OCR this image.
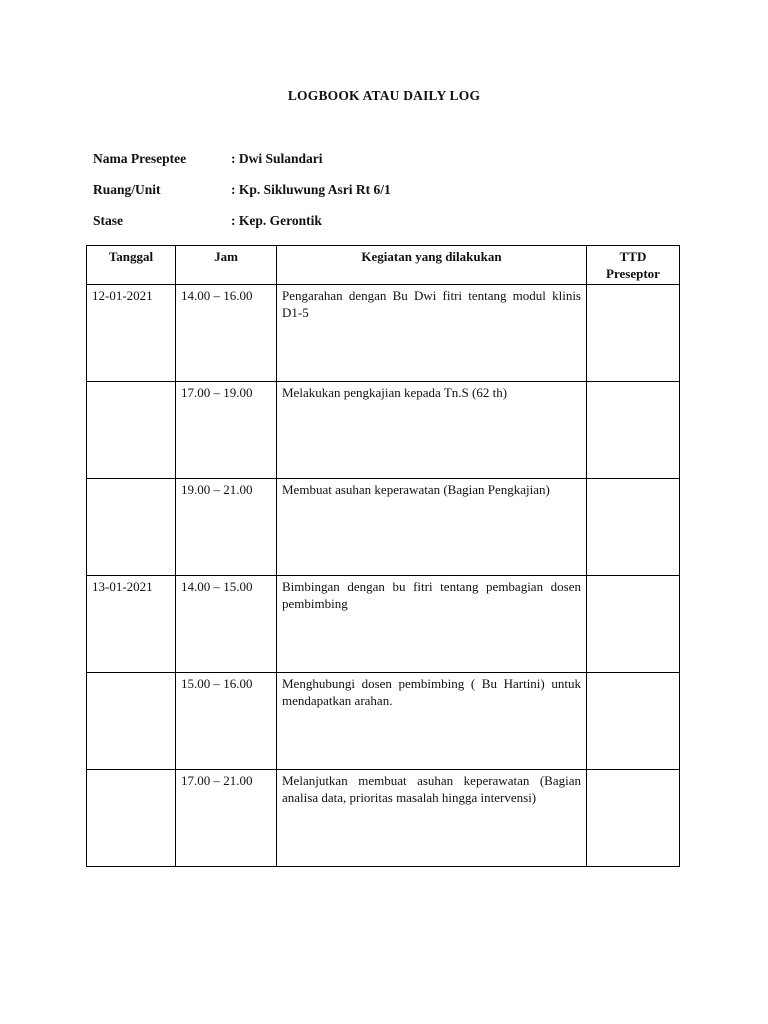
LOGBOOK ATAU DAILY LOG
Nama Preseptee	: Dwi Sulandari
Ruang/Unit	: Kp. Sikluwung Asri Rt 6/1
Stase	: Kep. Gerontik
Tanggal	Jam	Kegiatan yang dilakukan	TTD Preseptor
12-01-2021	14.00 – 16.00	Pengarahan dengan Bu Dwi fitri tentang modul klinis D1-5	
	17.00 – 19.00	Melakukan pengkajian kepada Tn.S (62 th)	
	19.00 – 21.00	Membuat asuhan keperawatan (Bagian Pengkajian)	
13-01-2021	14.00 – 15.00	Bimbingan dengan bu fitri tentang pembagian dosen pembimbing	
	15.00 – 16.00	Menghubungi dosen pembimbing ( Bu Hartini) untuk mendapatkan arahan.	
	17.00 – 21.00	Melanjutkan membuat asuhan keperawatan (Bagian analisa data, prioritas masalah hingga intervensi)	
